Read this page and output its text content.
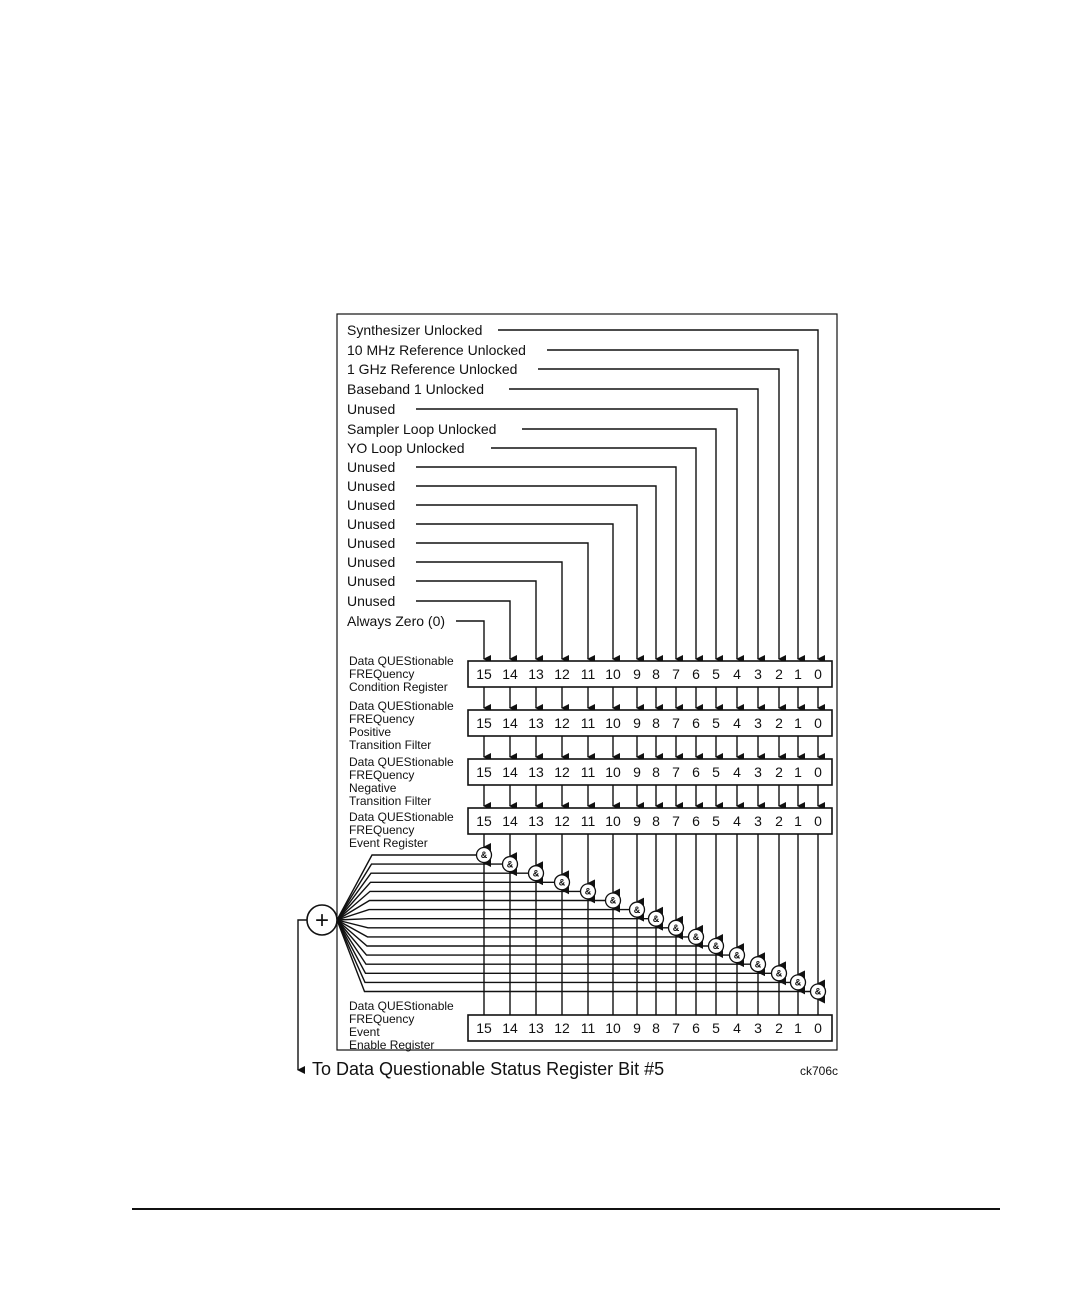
Always Zero (0)
Unused
Unused
Unused
Unused
Unused
Unused
Unused
Unused
YO Loop Unlocked
Sampler Loop Unlocked
Unused
Baseband 1 Unlocked
1 GHz Reference Unlocked
10 MHz Reference Unlocked
Synthesizer Unlocked
Data QUEStionable
FREQuency
Condition Register
15 14 13 12 11 10 9 8 7 6 5 4 3 2 1 0
Data QUEStionable
FREQuency
Positive
Transition Filter
15 14 13 12 11 10 9 8 7 6 5 4 3 2 1 0
Data QUEStionable
FREQuency
Negative
Transition Filter
15 14 13 12 11 10 9 8 7 6 5 4 3 2 1 0
Data QUEStionable
FREQuency
Event Register
15 14 13 12 11 10 9 8 7 6 5 4 3 2 1 0
Data QUEStionable
FREQuency
Event
Enable Register
15 14 13 12 11 10 9 8 7 6 5 4 3 2 1 0
&
&
&
&
&
&
&
&
&
&
&
&
&
&
&
&
+
To Data Questionable Status Register Bit #5	ck706c
